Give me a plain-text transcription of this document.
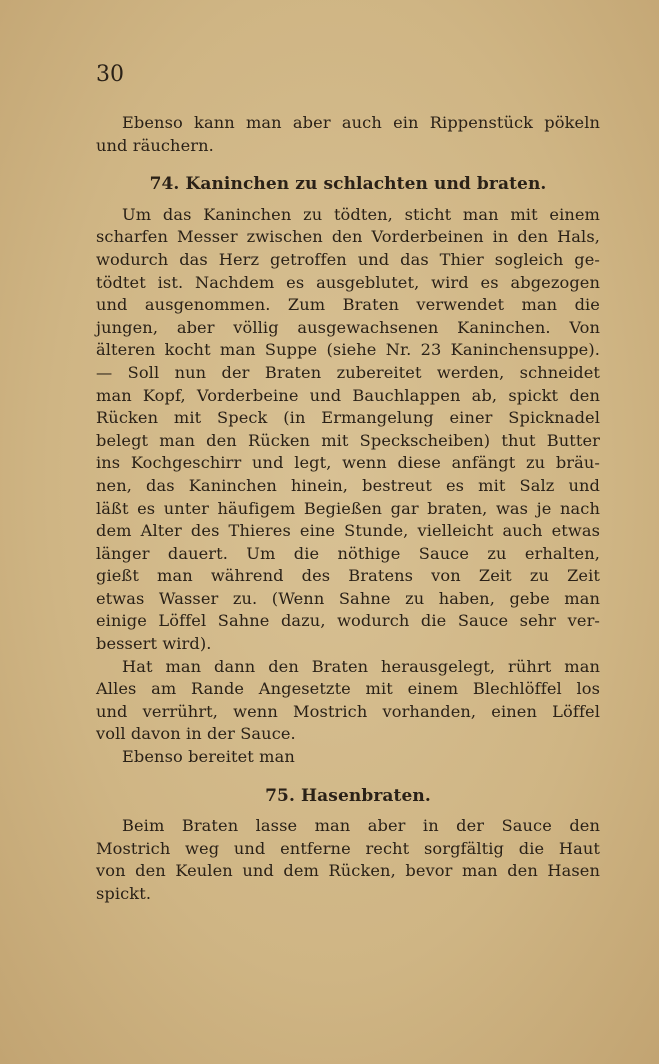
30
Ebenso kann man aber auch ein Rippenstück pökeln
und räuchern.
74. Kaninchen zu schlachten und braten.
Um das Kaninchen zu tödten, sticht man mit einem
scharfen Messer zwischen den Vorderbeinen in den Hals,
wodurch das Herz getroffen und das Thier sogleich ge-
tödtet ist. Nachdem es ausgeblutet, wird es abgezogen
und ausgenommen. Zum Braten verwendet man die
jungen, aber völlig ausgewachsenen Kaninchen. Von
älteren kocht man Suppe (siehe Nr. 23 Kaninchensuppe).
— Soll nun der Braten zubereitet werden, schneidet
man Kopf, Vorderbeine und Bauchlappen ab, spickt den
Rücken mit Speck (in Ermangelung einer Spicknadel
belegt man den Rücken mit Speckscheiben) thut Butter
ins Kochgeschirr und legt, wenn diese anfängt zu bräu-
nen, das Kaninchen hinein, bestreut es mit Salz und
läßt es unter häufigem Begießen gar braten, was je nach
dem Alter des Thieres eine Stunde, vielleicht auch etwas
länger dauert. Um die nöthige Sauce zu erhalten,
gießt man während des Bratens von Zeit zu Zeit
etwas Wasser zu. (Wenn Sahne zu haben, gebe man
einige Löffel Sahne dazu, wodurch die Sauce sehr ver-
bessert wird).
Hat man dann den Braten herausgelegt, rührt man
Alles am Rande Angesetzte mit einem Blechlöffel los
und verrührt, wenn Mostrich vorhanden, einen Löffel
voll davon in der Sauce.
Ebenso bereitet man
75. Hasenbraten.
Beim Braten lasse man aber in der Sauce den
Mostrich weg und entferne recht sorgfältig die Haut
von den Keulen und dem Rücken, bevor man den Hasen
spickt.
